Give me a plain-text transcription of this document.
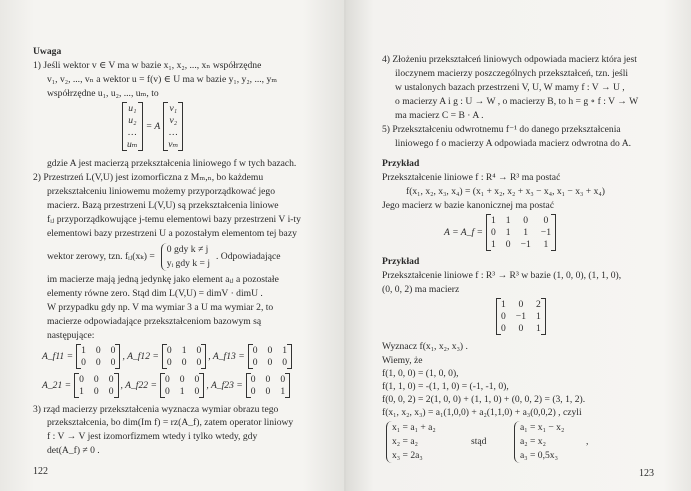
Uwaga
1) Jeśli wektor v ∈ V ma w bazie x₁, x₂, ..., xₙ współrzędne
v₁, v₂, ..., vₙ a wektor u = f(v) ∈ U ma w bazie y₁, y₂, ..., yₘ
współrzędne u₁, u₂, ..., uₘ, to
u₁
u₂
…
uₘ
= A
v₁
v₂
…
vₘ
gdzie A jest macierzą przekształcenia liniowego f w tych bazach.
2) Przestrzeń L(V,U) jest izomorficzna z Mₘ,ₙ, bo każdemu
przekształceniu liniowemu możemy przyporządkować jego
macierz. Bazą przestrzeni L(V,U) są przekształcenia liniowe
fᵢⱼ przyporządkowujące j-temu elementowi bazy przestrzeni V i-ty
elementowi bazy przestrzeni U a pozostałym elementom tej bazy
wektor zerowy, tzn. fᵢⱼ(xₖ) =
0 gdy k ≠ j
yᵢ gdy k = j
. Odpowiadające
im macierze mają jedną jedynkę jako element aᵢⱼ a pozostałe
elementy równe zero. Stąd dim L(V,U) = dimV · dimU .
W przypadku gdy np. V ma wymiar 3 a U ma wymiar 2, to
macierze odpowiadające przekształceniom bazowym są
następujące:
A_f11 =
1 0 0
0 0 0
, A_f12 =
0 1 0
0 0 0
, A_f13 =
0 0 1
0 0 0
A_21 =
0 0 0
1 0 0
, A_f22 =
0 0 0
0 1 0
, A_f23 =
0 0 0
0 0 1
3) rząd macierzy przekształcenia wyznacza wymiar obrazu tego
przekształcenia, bo dim(Im f) = rz(A_f), zatem operator liniowy
f : V → V jest izomorfizmem wtedy i tylko wtedy, gdy
det(A_f) ≠ 0 .
122
4) Złożeniu przekształceń liniowych odpowiada macierz która jest
iloczynem macierzy poszczególnych przekształceń, tzn. jeśli
w ustalonych bazach przestrzeni V, U, W mamy f : V → U ,
o macierzy A i g : U → W , o macierzy B, to h = g ∘ f : V → W
ma macierz C = B · A .
5) Przekształceniu odwrotnemu f⁻¹ do danego przekształcenia
liniowego f o macierzy A odpowiada macierz odwrotna do A.
Przykład
Przekształcenie liniowe f : R⁴ → R³ ma postać
f(x₁, x₂, x₃, x₄) = (x₁ + x₂, x₂ + x₃ − x₄, x₁ − x₃ + x₄)
Jego macierz w bazie kanonicznej ma postać
A = A_f =
1 1 0 0
0 1 1 −1
1 0 −1 1
Przykład
Przekształcenie liniowe f : R³ → R³ w bazie (1, 0, 0), (1, 1, 0),
(0, 0, 2) ma macierz
1 0 2
0 −1 1
0 0 1
Wyznacz f(x₁, x₂, x₃) .
Wiemy, że
f(1, 0, 0) = (1, 0, 0),
f(1, 1, 0) = -(1, 1, 0) = (-1, -1, 0),
f(0, 0, 2) = 2(1, 0, 0) + (1, 1, 0) + (0, 0, 2) = (3, 1, 2).
f(x₁, x₂, x₃) = a₁(1,0,0) + a₂(1,1,0) + a₃(0,0,2) , czyli
x₁ = a₁ + a₂
x₂ = a₂
x₃ = 2a₃
stąd
a₁ = x₁ − x₂
a₂ = x₂
a₃ = 0,5x₃
,
123
